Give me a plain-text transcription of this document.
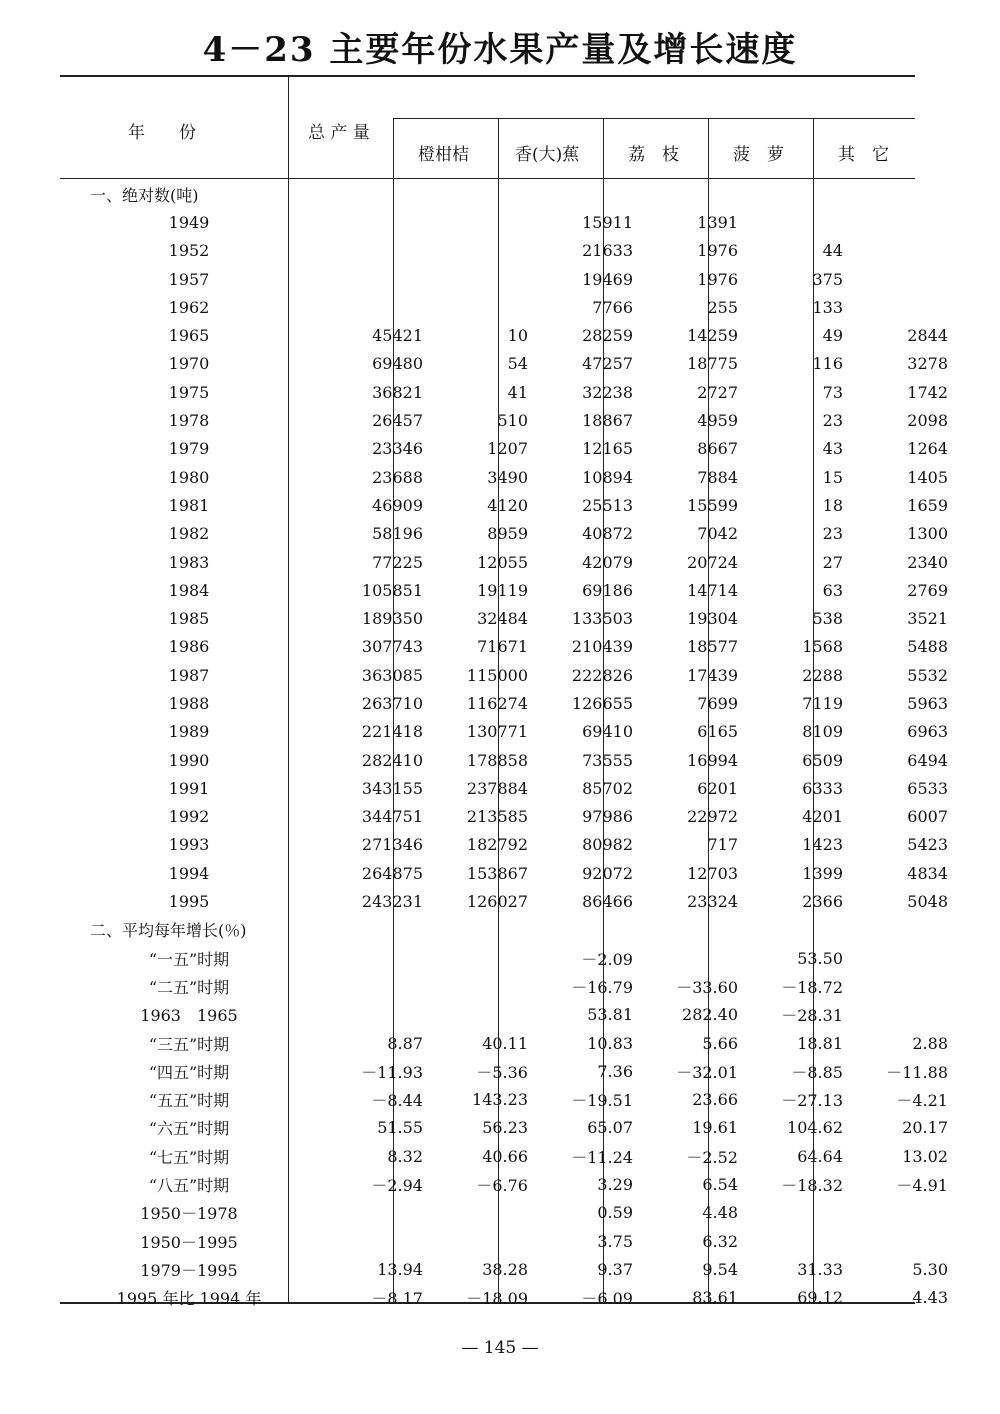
4－23 主要年份水果产量及增长速度
年　　份	总 产 量
橙柑桔	香(大)蕉	荔　枝	菠　萝	其　它
一、绝对数(吨)						
1949			15911	1391		
1952			21633	1976	44	
1957			19469	1976	375	
1962			7766	255	133	
1965	45421	10	28259	14259	49	2844
1970	69480	54	47257	18775	116	3278
1975	36821	41	32238	2727	73	1742
1978	26457	510	18867	4959	23	2098
1979	23346	1207	12165	8667	43	1264
1980	23688	3490	10894	7884	15	1405
1981	46909	4120	25513	15599	18	1659
1982	58196	8959	40872	7042	23	1300
1983	77225	12055	42079	20724	27	2340
1984	105851	19119	69186	14714	63	2769
1985	189350	32484	133503	19304	538	3521
1986	307743	71671	210439	18577	1568	5488
1987	363085	115000	222826	17439	2288	5532
1988	263710	116274	126655	7699	7119	5963
1989	221418	130771	69410	6165	8109	6963
1990	282410	178858	73555	16994	6509	6494
1991	343155	237884	85702	6201	6333	6533
1992	344751	213585	97986	22972	4201	6007
1993	271346	182792	80982	717	1423	5423
1994	264875	153867	92072	12703	1399	4834
1995	243231	126027	86466	23324	2366	5048
二、平均每年增长(％)						
“一五”时期			－2.09		53.50	
“二五”时期			－16.79	－33.60	－18.72	
1963　1965			53.81	282.40	－28.31	
“三五”时期	8.87	40.11	10.83	5.66	18.81	2.88
“四五”时期	－11.93	－5.36	7.36	－32.01	－8.85	－11.88
“五五”时期	－8.44	143.23	－19.51	23.66	－27.13	－4.21
“六五”时期	51.55	56.23	65.07	19.61	104.62	20.17
“七五”时期	8.32	40.66	－11.24	－2.52	64.64	13.02
“八五”时期	－2.94	－6.76	3.29	6.54	－18.32	－4.91
1950－1978			0.59	4.48		
1950－1995			3.75	6.32		
1979－1995	13.94	38.28	9.37	9.54	31.33	5.30
1995 年比 1994 年	－8.17	－18.09	－6.09	83.61	69.12	4.43
— 145 —
